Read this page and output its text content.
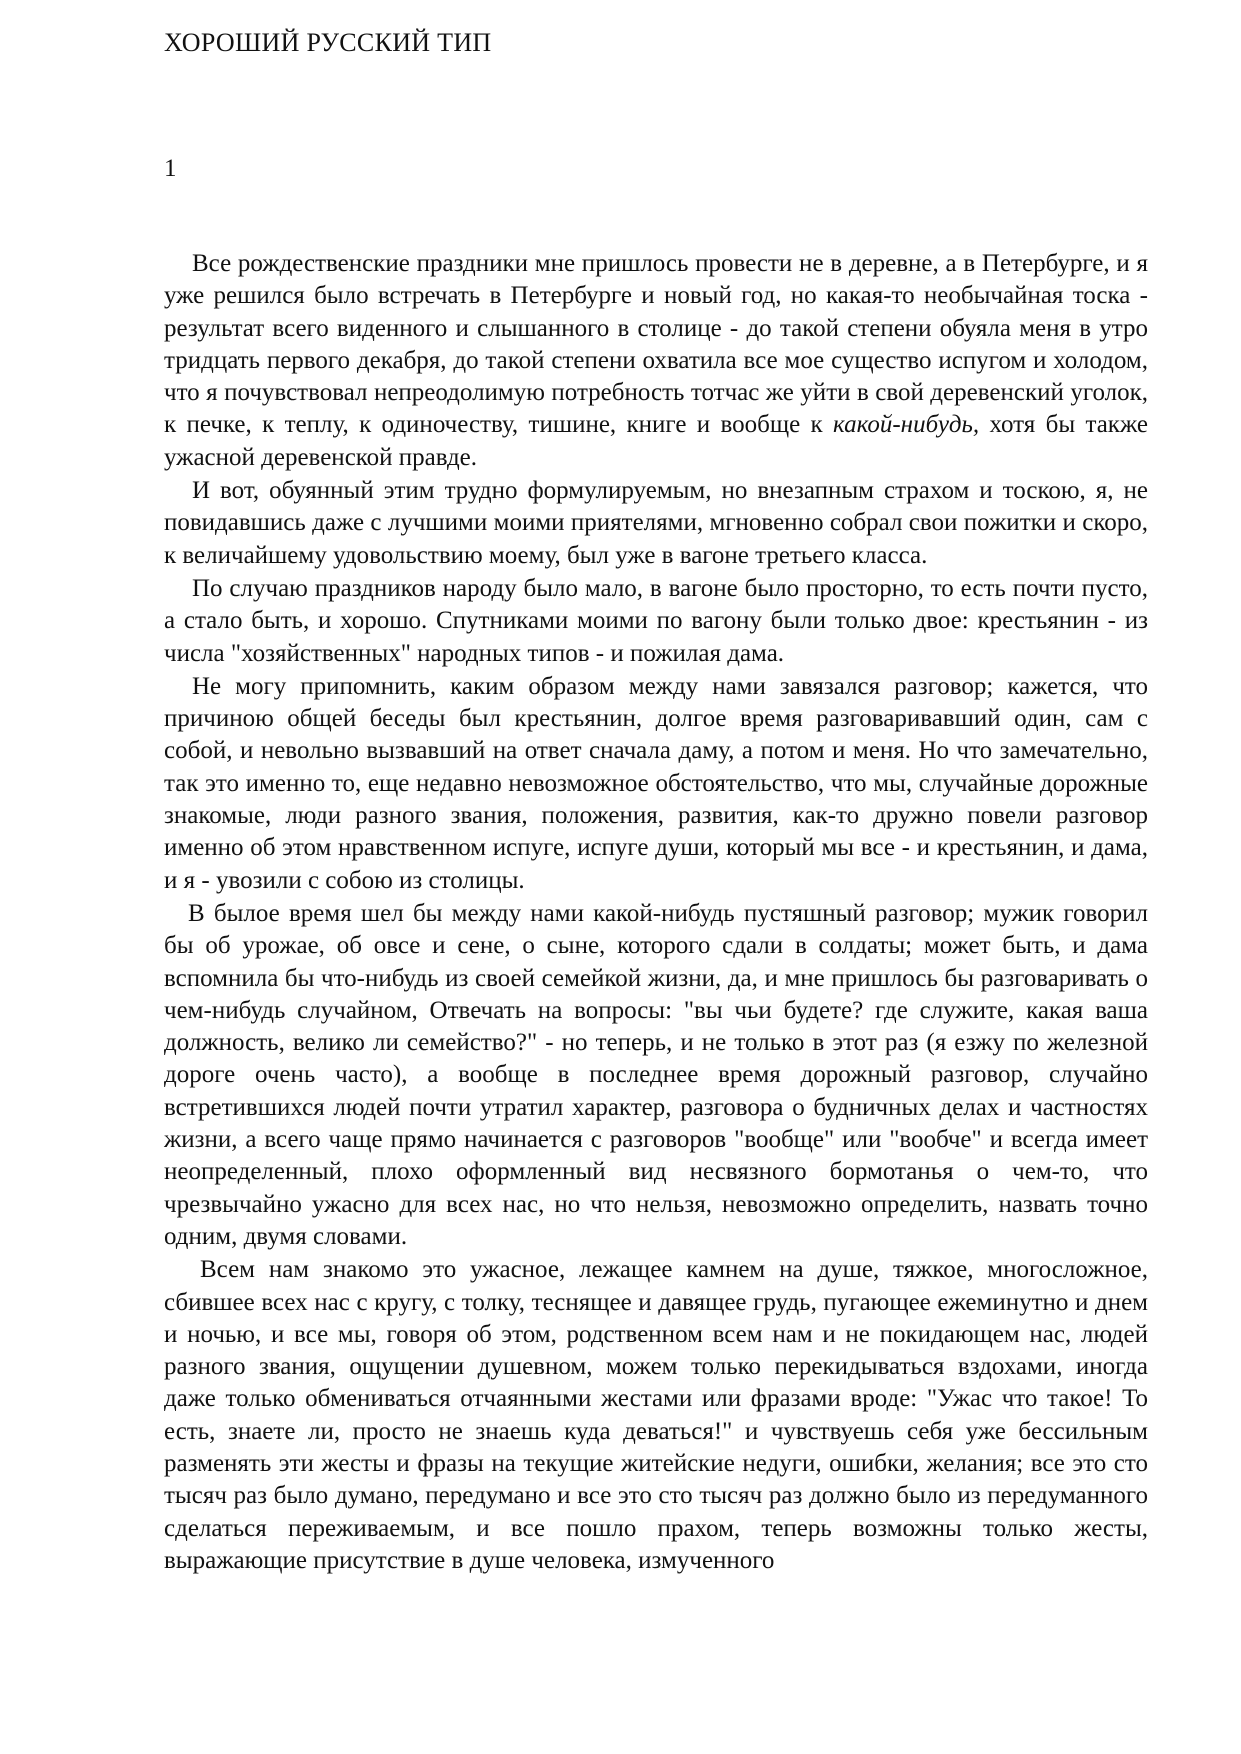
ХОРОШИЙ РУССКИЙ ТИП
1

Все рождественские праздники мне пришлось провести не в деревне, а в Петербурге, и я уже решился было встречать в Петербурге и новый год, но какая-то необычайная тоска - результат всего виденного и слышанного в столице - до такой степени обуяла меня в утро тридцать первого декабря, до такой степени охватила все мое существо испугом и холодом, что я почувствовал непреодолимую потребность тотчас же уйти в свой деревенский уголок, к печке, к теплу, к одиночеству, тишине, книге и вообще к какой-нибудь, хотя бы также ужасной деревенской правде.

И вот, обуянный этим трудно формулируемым, но внезапным страхом и тоскою, я, не повидавшись даже с лучшими моими приятелями, мгновенно собрал свои пожитки и скоро, к величайшему удовольствию моему, был уже в вагоне третьего класса.

По случаю праздников народу было мало, в вагоне было просторно, то есть почти пусто, а стало быть, и хорошо. Спутниками моими по вагону были только двое: крестьянин - из числа "хозяйственных" народных типов - и пожилая дама.

Не могу припомнить, каким образом между нами завязался разговор; кажется, что причиною общей беседы был крестьянин, долгое время разговаривавший один, сам с собой, и невольно вызвавший на ответ сначала даму, а потом и меня. Но что замечательно, так это именно то, еще недавно невозможное обстоятельство, что мы, случайные дорожные знакомые, люди разного звания, положения, развития, как-то дружно повели разговор именно об этом нравственном испуге, испуге души, который мы все - и крестьянин, и дама, и я - увозили с собою из столицы.

В былое время шел бы между нами какой-нибудь пустяшный разговор; мужик говорил бы об урожае, об овсе и сене, о сыне, которого сдали в солдаты; может быть, и дама вспомнила бы что-нибудь из своей семейкой жизни, да, и мне пришлось бы разговаривать о чем-нибудь случайном, Отвечать на вопросы: "вы чьи будете? где служите, какая ваша должность, велико ли семейство?" - но теперь, и не только в этот раз (я езжу по железной дороге очень часто), а вообще в последнее время дорожный разговор, случайно встретившихся людей почти утратил характер, разговора о будничных делах и частностях жизни, а всего чаще прямо начинается с разговоров "вообще" или "вообче" и всегда имеет неопределенный, плохо оформленный вид несвязного бормотанья о чем-то, что чрезвычайно ужасно для всех нас, но что нельзя, невозможно определить, назвать точно одним, двумя словами.

Всем нам знакомо это ужасное, лежащее камнем на душе, тяжкое, многосложное, сбившее всех нас с кругу, с толку, теснящее и давящее грудь, пугающее ежеминутно и днем и ночью, и все мы, говоря об этом, родственном всем нам и не покидающем нас, людей разного звания, ощущении душевном, можем только перекидываться вздохами, иногда даже только обмениваться отчаянными жестами или фразами вроде: "Ужас что такое! То есть, знаете ли, просто не знаешь куда деваться!" и чувствуешь себя уже бессильным разменять эти жесты и фразы на текущие житейские недуги, ошибки, желания; все это сто тысяч раз было думано, передумано и все это сто тысяч раз должно было из передуманного сделаться переживаемым, и все пошло прахом, теперь возможны только жесты, выражающие присутствие в душе человека, измученного
